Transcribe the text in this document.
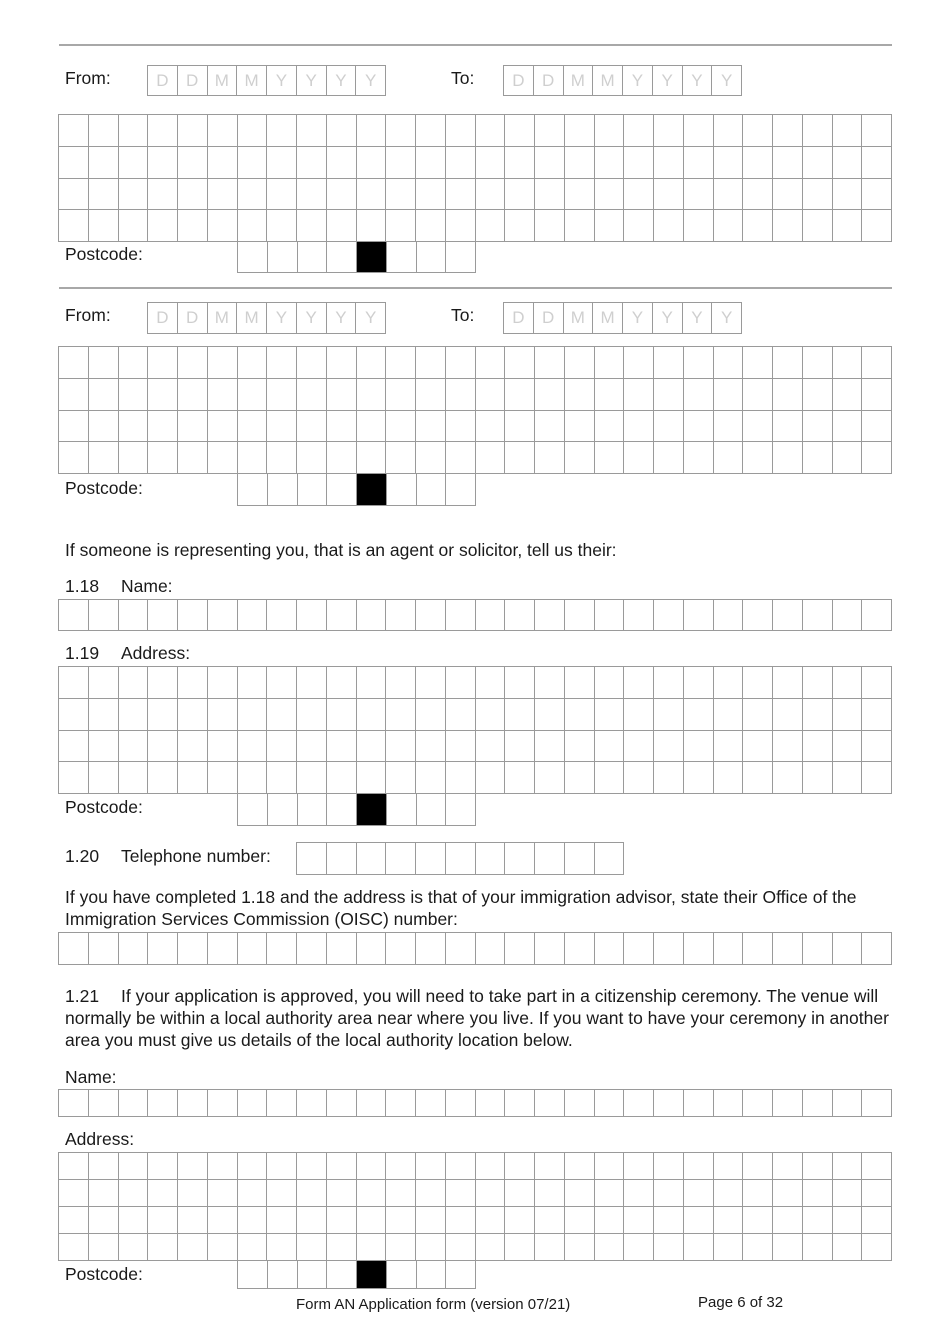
From:	D	D M M	Y	Y	Y	Y	To:	D	D M M	Y	Y	Y	Y
Postcode:
From:	D	D M M	Y	Y	Y	Y	To:	D	D M M	Y	Y	Y	Y
Postcode:
If someone is representing you, that is an agent or solicitor, tell us their:
1.18 Name:
1.19 Address:
Postcode:
1.20 Telephone number:
If you have completed 1.18 and the address is that of your immigration advisor, state their Office of the Immigration Services Commission (OISC) number:
1.21 If your application is approved, you will need to take part in a citizenship ceremony. The venue will normally be within a local authority area near where you live. If you want to have your ceremony in another area you must give us details of the local authority location below.
Name:
Address:
Postcode:
Form AN Application form (version 07/21)	Page 6 of 32
